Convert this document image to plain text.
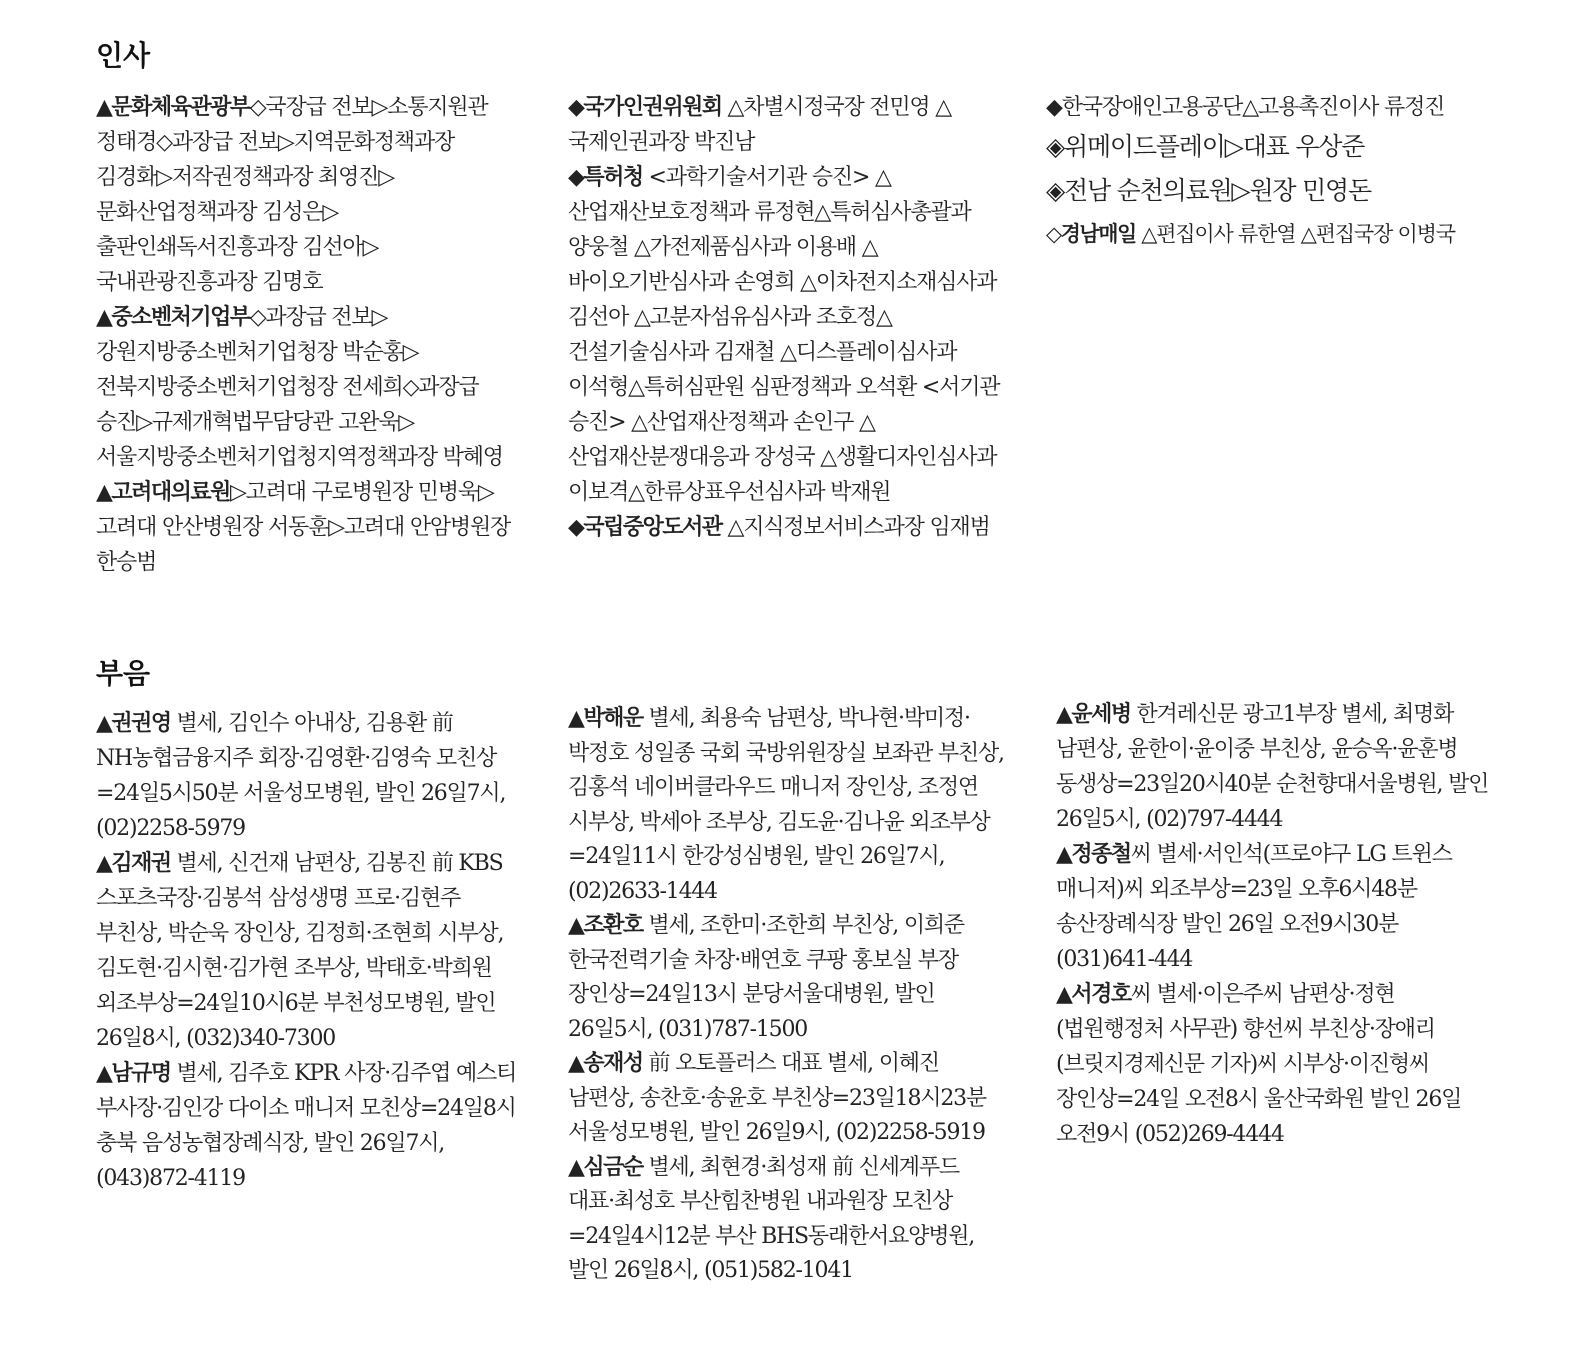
인사

▲문화체육관광부◇국장급 전보▷소통지원관 정태경◇과장급 전보▷지역문화정책과장 김경화▷저작권정책과장 최영진▷문화산업정책과장 김성은▷출판인쇄독서진흥과장 김선아▷국내관광진흥과장 김명호

▲중소벤처기업부◇과장급 전보▷강원지방중소벤처기업청장 박순홍▷전북지방중소벤처기업청장 전세희◇과장급 승진▷규제개혁법무담당관 고완욱▷서울지방중소벤처기업청지역정책과장 박혜영

▲고려대의료원▷고려대 구로병원장 민병욱▷고려대 안산병원장 서동훈▷고려대 안암병원장 한승범

◆국가인권위원회 △차별시정국장 전민영 △국제인권과장 박진남

◆특허청 <과학기술서기관 승진> △산업재산보호정책과 류정현△특허심사총괄과 양웅철 △가전제품심사과 이용배 △바이오기반심사과 손영희 △이차전지소재심사과 김선아 △고분자섬유심사과 조호정△건설기술심사과 김재철 △디스플레이심사과 이석형△특허심판원 심판정책과 오석환 <서기관 승진> △산업재산정책과 손인구 △산업재산분쟁대응과 장성국 △생활디자인심사과 이보격△한류상표우선심사과 박재원

◆국립중앙도서관 △지식정보서비스과장 임재범

◆한국장애인고용공단△고용촉진이사 류정진

◈위메이드플레이▷대표 우상준

◈전남 순천의료원▷원장 민영돈

◇경남매일 △편집이사 류한열 △편집국장 이병국

부음

▲권권영 별세, 김인수 아내상, 김용환 前 NH농협금융지주 회장·김영환·김영숙 모친상=24일5시50분 서울성모병원, 발인 26일7시, (02)2258-5979

▲김재권 별세, 신건재 남편상, 김봉진 前 KBS 스포츠국장·김봉석 삼성생명 프로·김현주 부친상, 박순욱 장인상, 김정희·조현희 시부상, 김도현·김시현·김가현 조부상, 박태호·박희원 외조부상=24일10시6분 부천성모병원, 발인 26일8시, (032)340-7300

▲남규명 별세, 김주호 KPR 사장·김주엽 예스티 부사장·김인강 다이소 매니저 모친상=24일8시 충북 음성농협장례식장, 발인 26일7시, (043)872-4119

▲박해운 별세, 최용숙 남편상, 박나현·박미정·박정호 성일종 국회 국방위원장실 보좌관 부친상, 김홍석 네이버클라우드 매니저 장인상, 조정연 시부상, 박세아 조부상, 김도윤·김나윤 외조부상=24일11시 한강성심병원, 발인 26일7시, (02)2633-1444

▲조환호 별세, 조한미·조한희 부친상, 이희준 한국전력기술 차장·배연호 쿠팡 홍보실 부장 장인상=24일13시 분당서울대병원, 발인 26일5시, (031)787-1500

▲송재성 前 오토플러스 대표 별세, 이혜진 남편상, 송찬호·송윤호 부친상=23일18시23분 서울성모병원, 발인 26일9시, (02)2258-5919

▲심금순 별세, 최현경·최성재 前 신세계푸드 대표·최성호 부산힘찬병원 내과원장 모친상=24일4시12분 부산 BHS동래한서요양병원, 발인 26일8시, (051)582-1041

▲윤세병 한겨레신문 광고1부장 별세, 최명화 남편상, 윤한이·윤이중 부친상, 윤승옥·윤훈병 동생상=23일20시40분 순천향대서울병원, 발인 26일5시, (02)797-4444

▲정종철씨 별세·서인석(프로야구 LG 트윈스 매니저)씨 외조부상=23일 오후6시48분 송산장례식장 발인 26일 오전9시30분 (031)641-444

▲서경호씨 별세·이은주씨 남편상·정현(법원행정처 사무관) 향선씨 부친상·장애리(브릿지경제신문 기자)씨 시부상·이진형씨 장인상=24일 오전8시 울산국화원 발인 26일 오전9시 (052)269-4444
